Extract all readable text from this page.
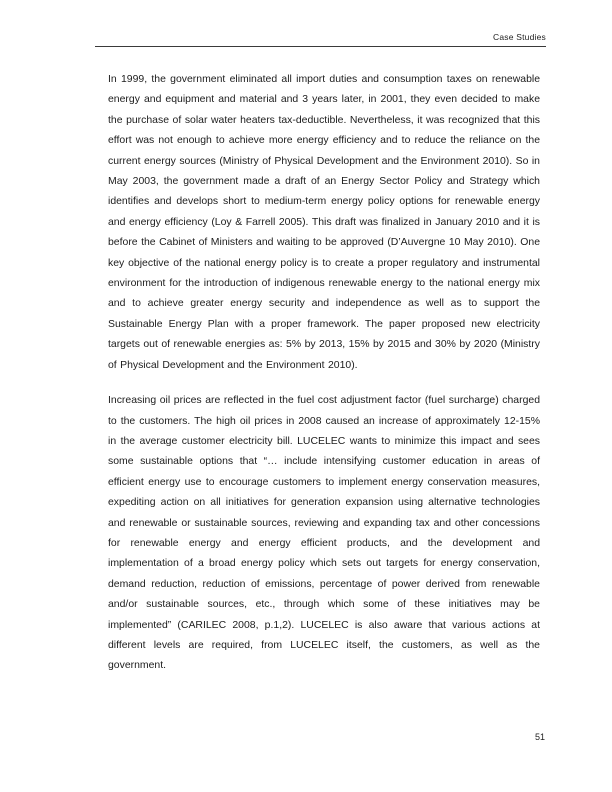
Case Studies

In 1999, the government eliminated all import duties and consumption taxes on renewable energy and equipment and material and 3 years later, in 2001, they even decided to make the purchase of solar water heaters tax-deductible. Nevertheless, it was recognized that this effort was not enough to achieve more energy efficiency and to reduce the reliance on the current energy sources (Ministry of Physical Development and the Environment 2010). So in May 2003, the government made a draft of an Energy Sector Policy and Strategy which identifies and develops short to medium-term energy policy options for renewable energy and energy efficiency (Loy & Farrell 2005). This draft was finalized in January 2010 and it is before the Cabinet of Ministers and waiting to be approved (D’Auvergne 10 May 2010). One key objective of the national energy policy is to create a proper regulatory and instrumental environment for the introduction of indigenous renewable energy to the national energy mix and to achieve greater energy security and independence as well as to support the Sustainable Energy Plan with a proper framework. The paper proposed new electricity targets out of renewable energies as: 5% by 2013, 15% by 2015 and 30% by 2020 (Ministry of Physical Development and the Environment 2010).

Increasing oil prices are reflected in the fuel cost adjustment factor (fuel surcharge) charged to the customers. The high oil prices in 2008 caused an increase of approximately 12-15% in the average customer electricity bill. LUCELEC wants to minimize this impact and sees some sustainable options that “… include intensifying customer education in areas of efficient energy use to encourage customers to implement energy conservation measures, expediting action on all initiatives for generation expansion using alternative technologies and renewable or sustainable sources, reviewing and expanding tax and other concessions for renewable energy and energy efficient products, and the development and implementation of a broad energy policy which sets out targets for energy conservation, demand reduction, reduction of emissions, percentage of power derived from renewable and/or sustainable sources, etc., through which some of these initiatives may be implemented” (CARILEC 2008, p.1,2). LUCELEC is also aware that various actions at different levels are required, from LUCELEC itself, the customers, as well as the government.

51
